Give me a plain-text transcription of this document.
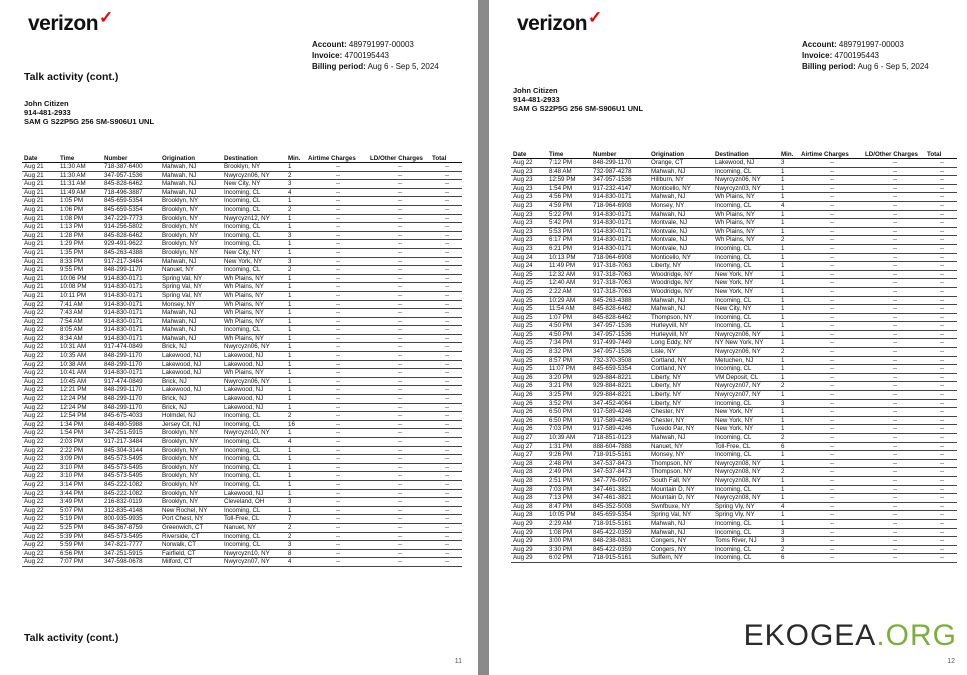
verizon✓
Account: 489791997-00003
Invoice: 4700195443
Billing period: Aug 6 - Sep 5, 2024
Talk activity (cont.)
John Citizen
914-481-2933
SAM G S22P5G 256 SM-S906U1 UNL
Date	Time	Number	Origination	Destination	Min.	Airtime Charges	LD/Other Charges	Total
Aug 21	11:30 AM	718-387-6400	Mahwah, NJ	Brooklyn, NY	1	--	--	--
Aug 21	11:30 AM	347-957-1536	Mahwah, NJ	Nwyrcyzn06, NY	2	--	--	--
Aug 21	11:31 AM	845-828-6462	Mahwah, NJ	New City, NY	3	--	--	--
Aug 21	11:49 AM	718-496-3887	Mahwah, NJ	Incoming, CL	4	--	--	--
Aug 21	1:05 PM	845-659-5354	Brooklyn, NY	Incoming, CL	1	--	--	--
Aug 21	1:06 PM	845-659-5354	Brooklyn, NY	Incoming, CL	2	--	--	--
Aug 21	1:08 PM	347-229-7773	Brooklyn, NY	Nwyrcyzn12, NY	1	--	--	--
Aug 21	1:13 PM	914-256-5802	Brooklyn, NY	Incoming, CL	1	--	--	--
Aug 21	1:28 PM	845-828-6462	Brooklyn, NY	Incoming, CL	3	--	--	--
Aug 21	1:29 PM	929-491-9622	Brooklyn, NY	Incoming, CL	1	--	--	--
Aug 21	1:35 PM	845-263-4388	Brooklyn, NY	New City, NY	1	--	--	--
Aug 21	8:33 PM	917-217-3484	Mahwah, NJ	New York, NY	3	--	--	--
Aug 21	9:55 PM	848-299-1170	Nanuet, NY	Incoming, CL	2	--	--	--
Aug 21	10:06 PM	914-830-0171	Spring Val, NY	Wh Plains, NY	1	--	--	--
Aug 21	10:08 PM	914-830-0171	Spring Val, NY	Wh Plains, NY	1	--	--	--
Aug 21	10:11 PM	914-830-0171	Spring Val, NY	Wh Plains, NY	1	--	--	--
Aug 22	7:41 AM	914-830-0171	Monsey, NY	Wh Plains, NY	1	--	--	--
Aug 22	7:43 AM	914-830-0171	Mahwah, NJ	Wh Plains, NY	1	--	--	--
Aug 22	7:54 AM	914-830-0171	Mahwah, NJ	Wh Plains, NY	1	--	--	--
Aug 22	8:05 AM	914-830-0171	Mahwah, NJ	Incoming, CL	1	--	--	--
Aug 22	8:34 AM	914-830-0171	Mahwah, NJ	Wh Plains, NY	1	--	--	--
Aug 22	10:31 AM	917-474-0849	Brick, NJ	Nwyrcyzn06, NY	1	--	--	--
Aug 22	10:35 AM	848-299-1170	Lakewood, NJ	Lakewood, NJ	1	--	--	--
Aug 22	10:38 AM	848-299-1170	Lakewood, NJ	Lakewood, NJ	1	--	--	--
Aug 22	10:41 AM	914-830-0171	Lakewood, NJ	Wh Plains, NY	1	--	--	--
Aug 22	10:45 AM	917-474-0849	Brick, NJ	Nwyrcyzn06, NY	1	--	--	--
Aug 22	12:21 PM	848-299-1170	Lakewood, NJ	Lakewood, NJ	1	--	--	--
Aug 22	12:24 PM	848-299-1170	Brick, NJ	Lakewood, NJ	1	--	--	--
Aug 22	12:24 PM	848-299-1170	Brick, NJ	Lakewood, NJ	1	--	--	--
Aug 22	12:54 PM	845-675-4033	Holmdel, NJ	Incoming, CL	2	--	--	--
Aug 22	1:34 PM	848-480-5988	Jersey Cit, NJ	Incoming, CL	16	--	--	--
Aug 22	1:54 PM	347-251-5915	Brooklyn, NY	Nwyrcyzn10, NY	1	--	--	--
Aug 22	2:03 PM	917-217-3484	Brooklyn, NY	Incoming, CL	4	--	--	--
Aug 22	2:22 PM	845-304-3144	Brooklyn, NY	Incoming, CL	1	--	--	--
Aug 22	3:09 PM	845-573-5495	Brooklyn, NY	Incoming, CL	1	--	--	--
Aug 22	3:10 PM	845-573-5495	Brooklyn, NY	Incoming, CL	1	--	--	--
Aug 22	3:10 PM	845-573-5495	Brooklyn, NY	Incoming, CL	1	--	--	--
Aug 22	3:14 PM	845-222-1082	Brooklyn, NY	Incoming, CL	1	--	--	--
Aug 22	3:44 PM	845-222-1082	Brooklyn, NY	Lakewood, NJ	1	--	--	--
Aug 22	3:49 PM	216-832-0119	Brooklyn, NY	Cleveland, OH	3	--	--	--
Aug 22	5:07 PM	312-835-4148	New Rochel, NY	Incoming, CL	1	--	--	--
Aug 22	5:19 PM	800-935-9935	Port Chest, NY	Toll-Free, CL	7	--	--	--
Aug 22	5:25 PM	845-367-8759	Greenwich, CT	Nanuet, NY	2	--	--	--
Aug 22	5:39 PM	845-573-5495	Riverside, CT	Incoming, CL	2	--	--	--
Aug 22	5:59 PM	347-821-7777	Norwalk, CT	Incoming, CL	3	--	--	--
Aug 22	6:56 PM	347-251-5915	Fairfield, CT	Nwyrcyzn10, NY	8	--	--	--
Aug 22	7:07 PM	347-598-0678	Milford, CT	Nwyrcyzn07, NY	4	--	--	--
Talk activity (cont.)
11
verizon✓
Account: 489791997-00003
Invoice: 4700195443
Billing period: Aug 6 - Sep 5, 2024
John Citizen
914-481-2933
SAM G S22P5G 256 SM-S906U1 UNL
Date	Time	Number	Origination	Destination	Min.	Airtime Charges	LD/Other Charges	Total
Aug 22	7:12 PM	848-299-1170	Orange, CT	Lakewood, NJ	3	--	--	--
Aug 23	8:48 AM	732-987-4278	Mahwah, NJ	Incoming, CL	1	--	--	--
Aug 23	12:59 PM	347-957-1536	Hillburn, NY	Nwyrcyzn06, NY	1	--	--	--
Aug 23	1:54 PM	917-232-4147	Monticello, NY	Nwyrcyzn03, NY	1	--	--	--
Aug 23	4:56 PM	914-830-0171	Mahwah, NJ	Wh Plains, NY	1	--	--	--
Aug 23	4:59 PM	718-964-6908	Monsey, NY	Incoming, CL	4	--	--	--
Aug 23	5:22 PM	914-830-0171	Mahwah, NJ	Wh Plains, NY	1	--	--	--
Aug 23	5:42 PM	914-830-0171	Montvale, NJ	Wh Plains, NY	1	--	--	--
Aug 23	5:53 PM	914-830-0171	Montvale, NJ	Wh Plains, NY	1	--	--	--
Aug 23	6:17 PM	914-830-0171	Montvale, NJ	Wh Plains, NY	2	--	--	--
Aug 23	6:21 PM	914-830-0171	Montvale, NJ	Incoming, CL	1	--	--	--
Aug 24	10:13 PM	718-964-6908	Monticello, NY	Incoming, CL	1	--	--	--
Aug 24	11:49 PM	917-318-7063	Liberty, NY	Incoming, CL	1	--	--	--
Aug 25	12:32 AM	917-318-7063	Woodridge, NY	New York, NY	1	--	--	--
Aug 25	12:40 AM	917-318-7063	Woodridge, NY	New York, NY	1	--	--	--
Aug 25	2:22 AM	917-318-7063	Woodridge, NY	New York, NY	1	--	--	--
Aug 25	10:29 AM	845-263-4388	Mahwah, NJ	Incoming, CL	1	--	--	--
Aug 25	11:54 AM	845-828-6462	Mahwah, NJ	New City, NY	1	--	--	--
Aug 25	1:07 PM	845-828-6462	Thompson, NY	Incoming, CL	1	--	--	--
Aug 25	4:50 PM	347-957-1536	Hurleyvill, NY	Incoming, CL	1	--	--	--
Aug 25	4:50 PM	347-957-1536	Hurleyvill, NY	Nwyrcyzn06, NY	1	--	--	--
Aug 25	7:34 PM	917-499-7449	Long Eddy, NY	NY New York, NY	1	--	--	--
Aug 25	8:32 PM	347-957-1536	Lisle, NY	Nwyrcyzn06, NY	2	--	--	--
Aug 25	8:57 PM	732-370-3508	Cortland, NY	Metuchen, NJ	1	--	--	--
Aug 25	11:07 PM	845-659-5354	Cortland, NY	Incoming, CL	1	--	--	--
Aug 26	3:20 PM	929-884-8221	Liberty, NY	VM Deposit, CL	1	--	--	--
Aug 26	3:21 PM	929-884-8221	Liberty, NY	Nwyrcyzn07, NY	2	--	--	--
Aug 26	3:25 PM	929-884-8221	Liberty, NY	Nwyrcyzn07, NY	1	--	--	--
Aug 26	3:52 PM	347-452-4064	Liberty, NY	Incoming, CL	3	--	--	--
Aug 26	6:50 PM	917-589-4246	Chester, NY	New York, NY	1	--	--	--
Aug 26	6:50 PM	917-589-4246	Chester, NY	New York, NY	1	--	--	--
Aug 26	7:03 PM	917-589-4246	Tuxedo Par, NY	New York, NY	1	--	--	--
Aug 27	10:39 AM	718-851-0123	Mahwah, NJ	Incoming, CL	2	--	--	--
Aug 27	1:31 PM	888-604-7888	Nanuet, NY	Toll-Free, CL	6	--	--	--
Aug 27	9:26 PM	718-915-5161	Monsey, NY	Incoming, CL	1	--	--	--
Aug 28	2:48 PM	347-537-8473	Thompson, NY	Nwyrcyzn08, NY	1	--	--	--
Aug 28	2:49 PM	347-537-8473	Thompson, NY	Nwyrcyzn08, NY	2	--	--	--
Aug 28	2:51 PM	347-776-0957	South Fall, NY	Nwyrcyzn08, NY	1	--	--	--
Aug 28	7:03 PM	347-461-3821	Mountain D, NY	Incoming, CL	1	--	--	--
Aug 28	7:13 PM	347-461-3821	Mountain D, NY	Nwyrcyzn08, NY	1	--	--	--
Aug 28	8:47 PM	845-352-5008	Swnfbuxe, NY	Spring Vly, NY	4	--	--	--
Aug 28	10:05 PM	845-659-5354	Spring Val, NY	Spring Vly, NY	1	--	--	--
Aug 29	2:29 AM	718-915-5161	Mahwah, NJ	Incoming, CL	1	--	--	--
Aug 29	1:08 PM	845-422-0359	Mahwah, NJ	Incoming, CL	3	--	--	--
Aug 29	3:00 PM	848-238-0831	Congers, NY	Toms River, NJ	3	--	--	--
Aug 29	3:30 PM	845-422-0359	Congers, NY	Incoming, CL	2	--	--	--
Aug 29	6:02 PM	718-915-5161	Suffern, NY	Incoming, CL	6	--	--	--
EKOGEA.ORG
12
